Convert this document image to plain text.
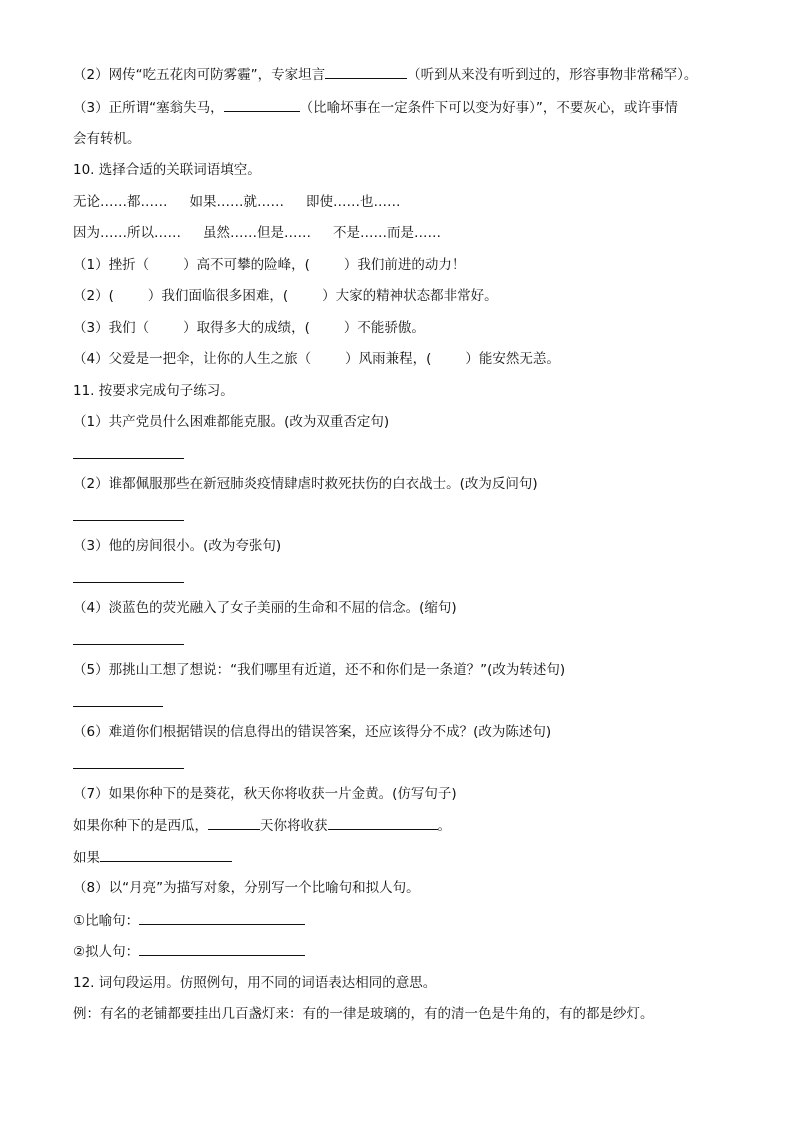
（2）网传“吃五花肉可防雾霾”，专家坦言	（听到从来没有听到过的，形容事物非常稀罕）。
（3）正所谓“塞翁失马，	（比喻坏事在一定条件下可以变为好事）”，不要灰心，或许事情
会有转机。
10. 选择合适的关联词语填空。
无论……都…… 如果……就…… 即使……也……
因为……所以…… 虽然……但是…… 不是……而是……
（1）挫折（	）高不可攀的险峰，(	）我们前进的动力！
（2）(	）我们面临很多困难，(	）大家的精神状态都非常好。
（3）我们（	）取得多大的成绩，(	）不能骄傲。
（4）父爱是一把伞，让你的人生之旅（	）风雨兼程，(	）能安然无恙。
11. 按要求完成句子练习。
（1）共产党员什么困难都能克服。(改为双重否定句)
（2）谁都佩服那些在新冠肺炎疫情肆虐时救死扶伤的白衣战士。(改为反问句)
（3）他的房间很小。(改为夸张句)
（4）淡蓝色的荧光融入了女子美丽的生命和不屈的信念。(缩句)
（5）那挑山工想了想说：“我们哪里有近道，还不和你们是一条道？”(改为转述句)
（6）难道你们根据错误的信息得出的错误答案，还应该得分不成？(改为陈述句)
（7）如果你种下的是葵花，秋天你将收获一片金黄。(仿写句子)
如果你种下的是西瓜，	天你将收获	。
如果
（8）以“月亮”为描写对象，分别写一个比喻句和拟人句。
①比喻句：
②拟人句：
12. 词句段运用。仿照例句，用不同的词语表达相同的意思。
例：有名的老铺都要挂出几百盏灯来：有的一律是玻璃的，有的清一色是牛角的，有的都是纱灯。
